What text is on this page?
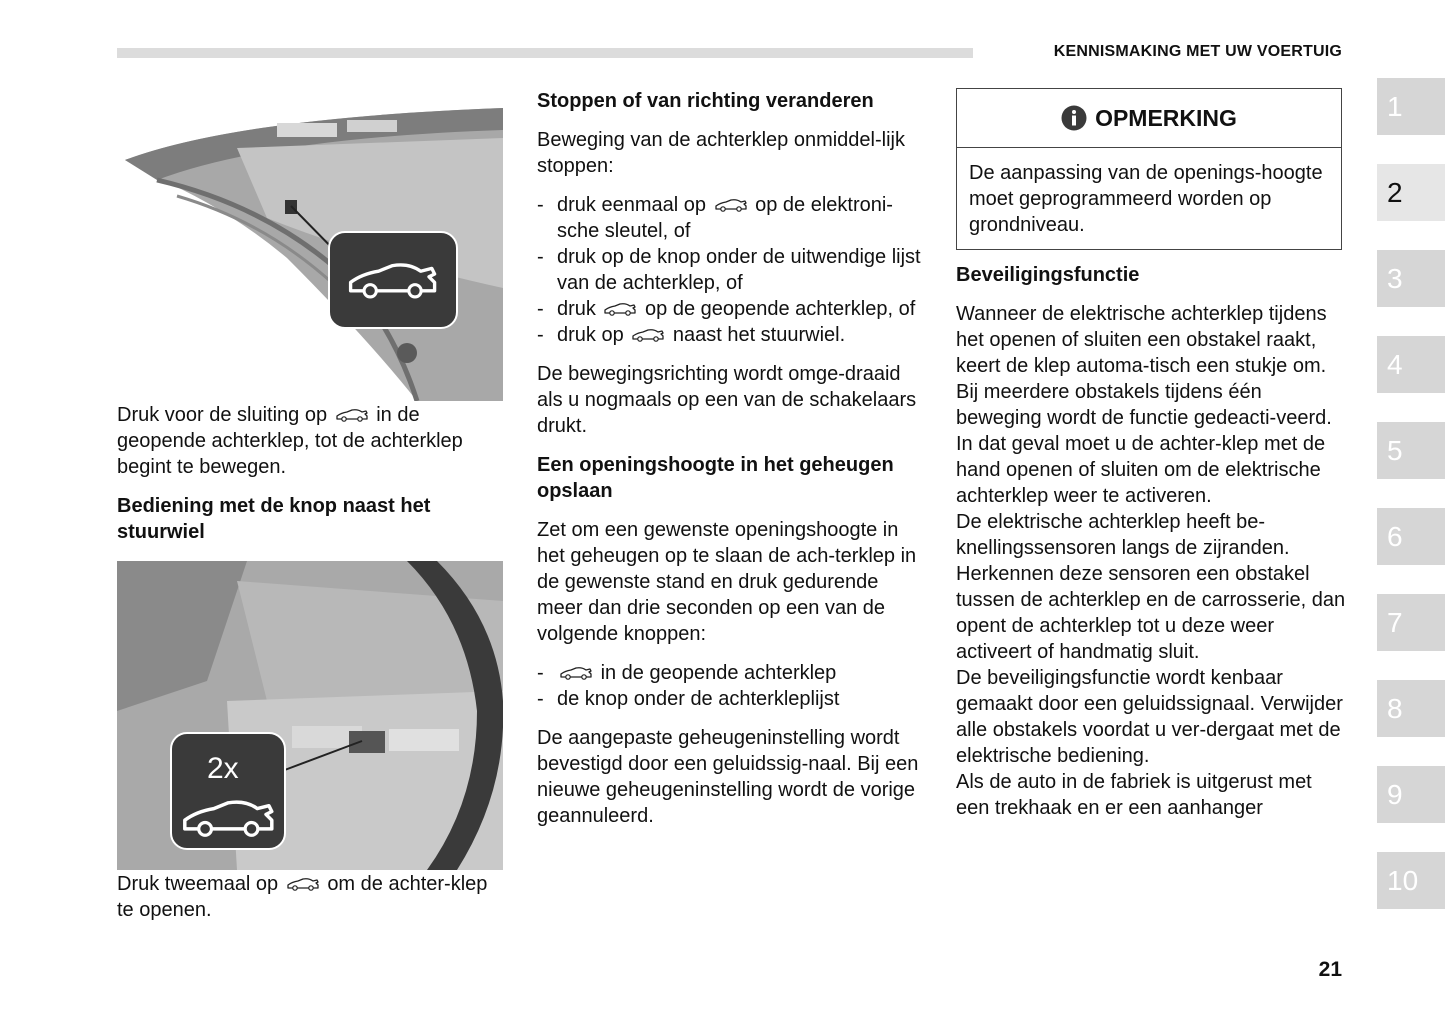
KENNISMAKING MET UW VOERTUIG
1
2
3
4
5
6
7
8
9
10

Druk voor de sluiting op in de geopende achterklep, tot de achterklep begint te bewegen.

Bediening met de knop naast het stuurwiel

2x

Druk tweemaal op om de achter-klep te openen.

Stoppen of van richting veranderen

Beweging van de achterklep onmiddel-lijk stoppen:

- druk eenmaal op op de elektroni-sche sleutel, of
- druk op de knop onder de uitwendige lijst van de achterklep, of
- druk op de geopende achterklep, of
- druk op naast het stuurwiel.

De bewegingsrichting wordt omge-draaid als u nogmaals op een van de schakelaars drukt.

Een openingshoogte in het geheugen opslaan

Zet om een gewenste openingshoogte in het geheugen op te slaan de ach-terklep in de gewenste stand en druk gedurende meer dan drie seconden op een van de volgende knoppen:

- in de geopende achterklep
- de knop onder de achterkleplijst

De aangepaste geheugeninstelling wordt bevestigd door een geluidssig-naal. Bij een nieuwe geheugeninstelling wordt de vorige geannuleerd.

OPMERKING
De aanpassing van de openings-hoogte moet geprogrammeerd worden op grondniveau.

Beveiligingsfunctie

Wanneer de elektrische achterklep tijdens het openen of sluiten een obstakel raakt, keert de klep automa-tisch een stukje om.

Bij meerdere obstakels tijdens één beweging wordt de functie gedeacti-veerd. In dat geval moet u de achter-klep met de hand openen of sluiten om de elektrische achterklep weer te activeren.

De elektrische achterklep heeft be-knellingssensoren langs de zijranden. Herkennen deze sensoren een obstakel tussen de achterklep en de carrosserie, dan opent de achterklep tot u deze weer activeert of handmatig sluit.

De beveiligingsfunctie wordt kenbaar gemaakt door een geluidssignaal. Verwijder alle obstakels voordat u ver-dergaat met de elektrische bediening.

Als de auto in de fabriek is uitgerust met een trekhaak en er een aanhanger

21
